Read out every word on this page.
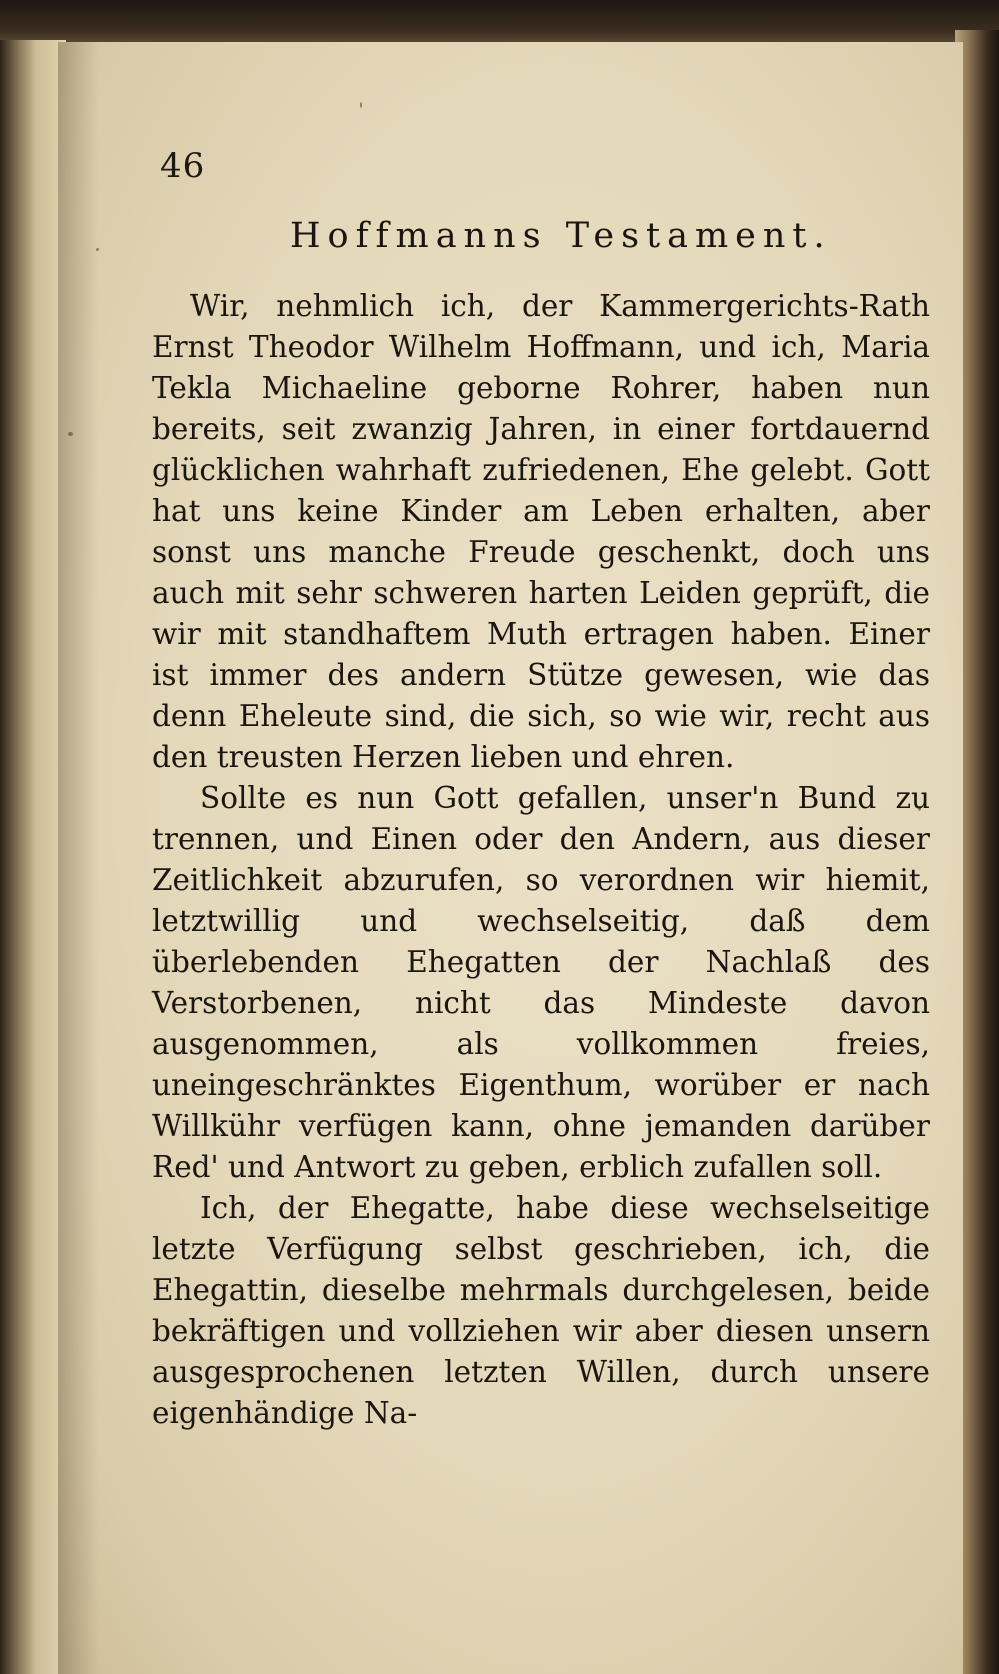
46
Hoffmanns Testament.

Wir, nehmlich ich, der Kammergerichts-Rath Ernst Theodor Wilhelm Hoffmann, und ich, Maria Tekla Michaeline geborne Rohrer, haben nun bereits, seit zwanzig Jahren, in einer fortdauernd glücklichen wahrhaft zufriedenen, Ehe gelebt. Gott hat uns keine Kinder am Leben erhalten, aber sonst uns manche Freude geschenkt, doch uns auch mit sehr schweren harten Leiden geprüft, die wir mit standhaftem Muth ertragen haben. Einer ist immer des andern Stütze gewesen, wie das denn Eheleute sind, die sich, so wie wir, recht aus den treusten Herzen lieben und ehren.

Sollte es nun Gott gefallen, unser'n Bund zu trennen, und Einen oder den Andern, aus dieser Zeitlichkeit abzurufen, so verordnen wir hiemit, letztwillig und wechselseitig, daß dem überlebenden Ehegatten der Nachlaß des Verstorbenen, nicht das Mindeste davon ausgenommen, als vollkommen freies, uneingeschränktes Eigenthum, worüber er nach Willkühr verfügen kann, ohne jemanden darüber Red' und Antwort zu geben, erblich zufallen soll.

Ich, der Ehegatte, habe diese wechselseitige letzte Verfügung selbst geschrieben, ich, die Ehegattin, dieselbe mehrmals durchgelesen, beide bekräftigen und vollziehen wir aber diesen unsern ausgesprochenen letzten Willen, durch unsere eigenhändige Na-
